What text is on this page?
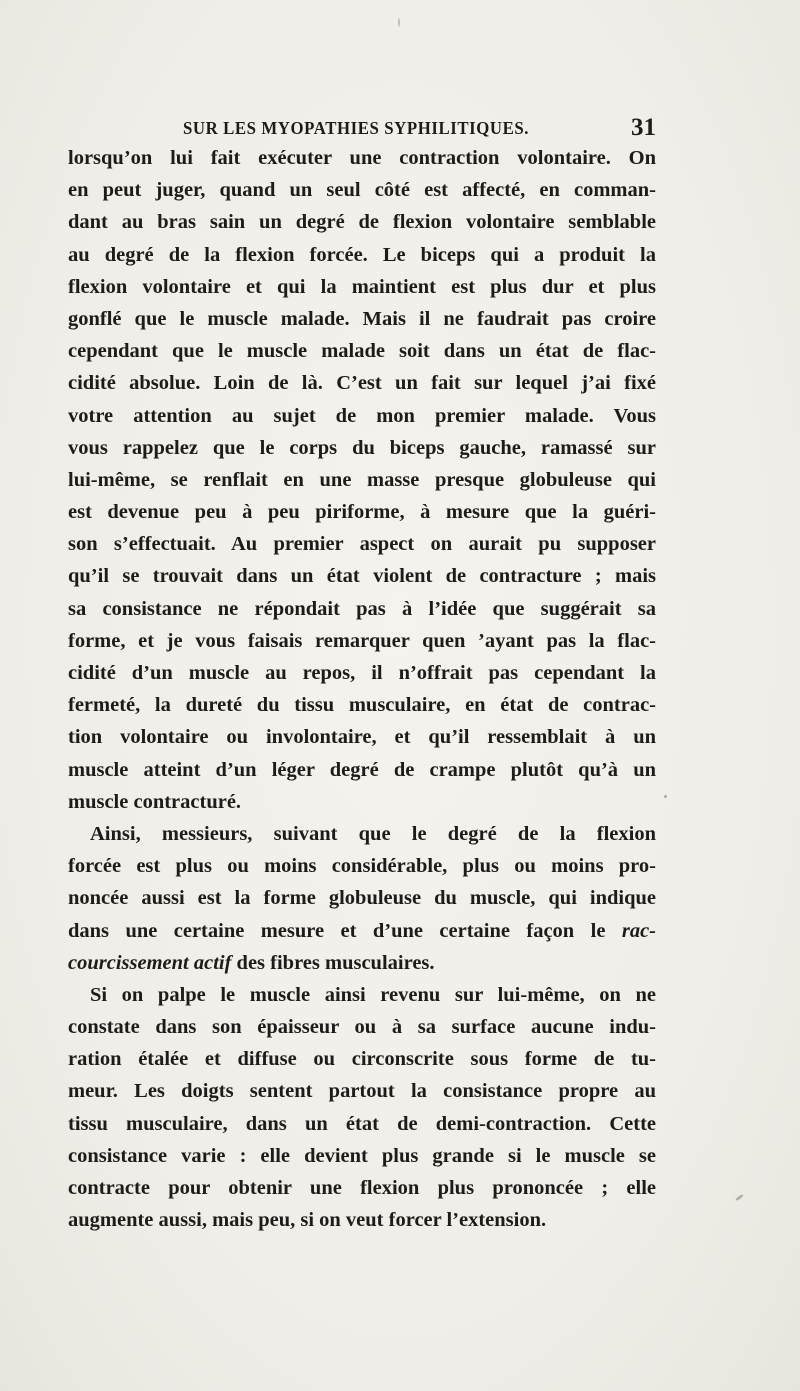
SUR LES MYOPATHIES SYPHILITIQUES.	31
lorsqu’on lui fait exécuter une contraction volontaire. On
en peut juger, quand un seul côté est affecté, en comman-
dant au bras sain un degré de flexion volontaire semblable
au degré de la flexion forcée. Le biceps qui a produit la
flexion volontaire et qui la maintient est plus dur et plus
gonflé que le muscle malade. Mais il ne faudrait pas croire
cependant que le muscle malade soit dans un état de flac-
cidité absolue. Loin de là. C’est un fait sur lequel j’ai fixé
votre attention au sujet de mon premier malade. Vous
vous rappelez que le corps du biceps gauche, ramassé sur
lui-même, se renflait en une masse presque globuleuse qui
est devenue peu à peu piriforme, à mesure que la guéri-
son s’effectuait. Au premier aspect on aurait pu supposer
qu’il se trouvait dans un état violent de contracture ; mais
sa consistance ne répondait pas à l’idée que suggérait sa
forme, et je vous faisais remarquer quen ’ayant pas la flac-
cidité d’un muscle au repos, il n’offrait pas cependant la
fermeté, la dureté du tissu musculaire, en état de contrac-
tion volontaire ou involontaire, et qu’il ressemblait à un
muscle atteint d’un léger degré de crampe plutôt qu’à un
muscle contracturé.
Ainsi, messieurs, suivant que le degré de la flexion
forcée est plus ou moins considérable, plus ou moins pro-
noncée aussi est la forme globuleuse du muscle, qui indique
dans une certaine mesure et d’une certaine façon le rac-
courcissement actif des fibres musculaires.
Si on palpe le muscle ainsi revenu sur lui-même, on ne
constate dans son épaisseur ou à sa surface aucune indu-
ration étalée et diffuse ou circonscrite sous forme de tu-
meur. Les doigts sentent partout la consistance propre au
tissu musculaire, dans un état de demi-contraction. Cette
consistance varie : elle devient plus grande si le muscle se
contracte pour obtenir une flexion plus prononcée ; elle
augmente aussi, mais peu, si on veut forcer l’extension.
